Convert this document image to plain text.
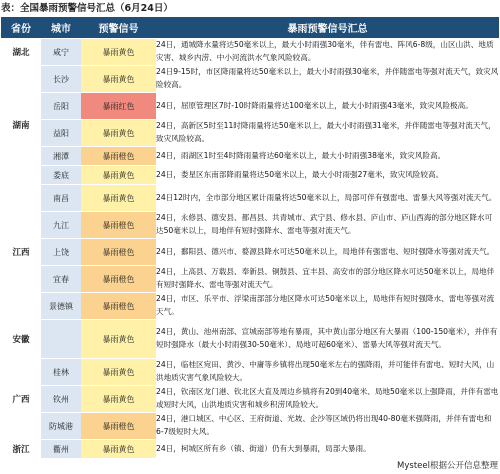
表：全国暴雨预警信号汇总（6月24日）
省份	城市	预警信号	暴雨预警信号汇总
湖北	咸宁	暴雨黄色	24日，通城降水量将达50毫米以上，最大小时雨强30毫米，伴有雷电、阵风6-8级，山区山洪、地质灾害、城乡内涝、中小河流洪水气象风险较高。
湖南	长沙	暴雨黄色	24日9-15时，市区降雨量将达50毫米以上，最大小时雨强30毫米，并伴随雷电等强对流天气，致灾风险较高。
	岳阳	暴雨红色	24日，屈原管理区7时-10时降雨量将达100毫米以上，最大小时雨强43毫米，致灾风险极高。
	益阳	暴雨黄色	24日，高新区5时至11时降雨量将达50毫米以上，最大小时雨强31毫米，并伴随雷电等强对流天气，致灾风险较高。
	湘潭	暴雨橙色	24日，雨湖区1时至4时降雨量将达60毫米以上，最大小时雨强38毫米，致灾风险高。
	娄底	暴雨黄色	24日，娄星区东南部降雨量将达50毫米以上，最大小时雨强27毫米，致灾风险较高。
江西	南昌	暴雨黄色	24日12时内，全市部分地区累计雨量将达50毫米以上，局部可伴有强雷电、雷暴大风等强对流天气。
	九江	暴雨橙色	24日，永修县、德安县、都昌县、共青城市、武宁县、修水县、庐山市、庐山西海的部分地区降水可达50毫米以上，局地伴有短时强降水、雷电等强对流天气。
	上饶	暴雨橙色	24日，鄱阳县、德兴市、婺源县降水可达50毫米以上，局地伴有强雷电、短时强降水等强对流天气。
	宜春	暴雨橙色	24日，上高县、万载县、奉新县、铜鼓县、宜丰县、高安市的部分地区降水可达50毫米以上，局地伴有短时强降水、雷电等强对流天气。
	景德镇	暴雨橙色	24日，市区、乐平市、浮梁南部部分地区降水可达50毫米以上，局地伴有短时强降水、雷电等强对流天气。
安徽		暴雨黄色	24日，黄山、池州南部、宣城南部等地有暴雨，其中黄山部分地区有大暴雨（100-150毫米），并伴有短时强降水（最大小时雨强30-50毫米）、局地可超60毫米）、雷暴大风等强对流天气。
广西	桂林	暴雨黄色	24日，临桂区宛田、黄沙、中庸等乡镇将出现50毫米左右的强降雨，并可能伴有雷电、短时大风，山洪地质灾害气象风险较大。
	钦州	暴雨黄色	24日，钦南区龙门港、钦北区大直及周边乡镇将有20到40毫米、局地50毫米以上强降雨，并伴有雷电或短时大风，山洪地质灾害和城乡积涝风险较大。
	防城港	暴雨橙色	24日，港口城区、中心区、王府街道、光坡、企沙等区域仍将出现40-80毫米强降雨，并伴有雷电和6-7级短时大风。
浙江	衢州	暴雨黄色	24日，柯城区所有乡（镇、街道）仍有大到暴雨，局部大暴雨。
Mysteel根据公开信息整理
